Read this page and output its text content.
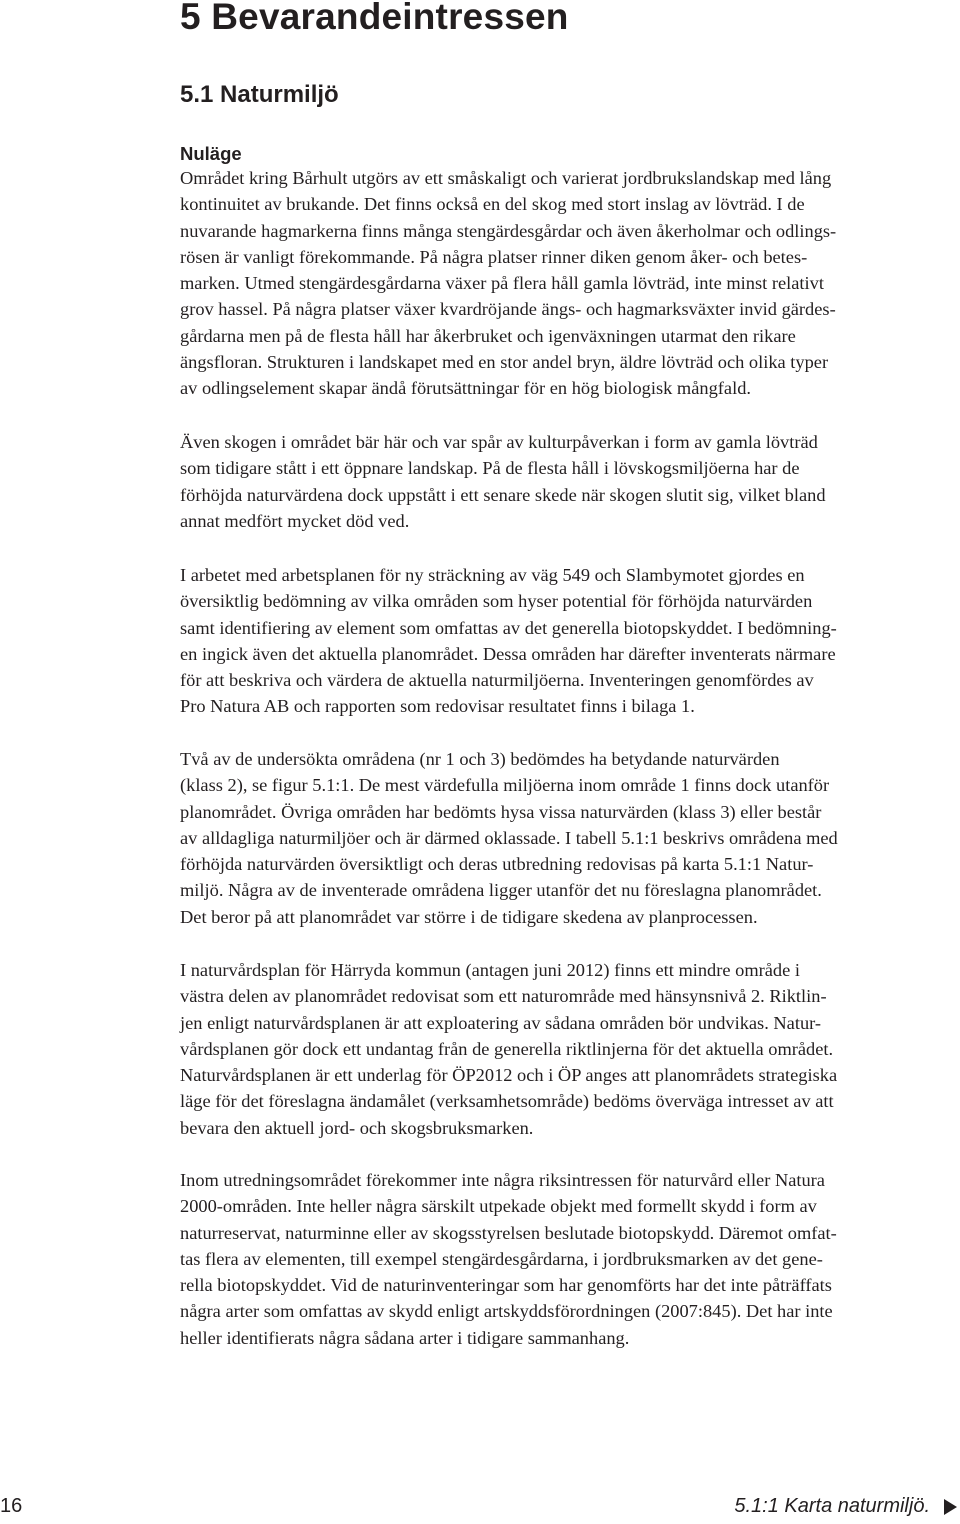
5 Bevarandeintressen
5.1 Naturmiljö
Nuläge
Området kring Bårhult utgörs av ett småskaligt och varierat jordbrukslandskap med lång
kontinuitet av brukande. Det finns också en del skog med stort inslag av lövträd. I de
nuvarande hagmarkerna finns många stengärdesgårdar och även åkerholmar och odlings-
rösen är vanligt förekommande. På några platser rinner diken genom åker- och betes-
marken. Utmed stengärdesgårdarna växer på flera håll gamla lövträd, inte minst relativt
grov hassel. På några platser växer kvardröjande ängs- och hagmarksväxter invid gärdes-
gårdarna men på de flesta håll har åkerbruket och igenväxningen utarmat den rikare
ängsfloran. Strukturen i landskapet med en stor andel bryn, äldre lövträd och olika typer
av odlingselement skapar ändå förutsättningar för en hög biologisk mångfald.
Även skogen i området bär här och var spår av kulturpåverkan i form av gamla lövträd
som tidigare stått i ett öppnare landskap. På de flesta håll i lövskogsmiljöerna har de
förhöjda naturvärdena dock uppstått i ett senare skede när skogen slutit sig, vilket bland
annat medfört mycket död ved.
I arbetet med arbetsplanen för ny sträckning av väg 549 och Slambymotet gjordes en
översiktlig bedömning av vilka områden som hyser potential för förhöjda naturvärden
samt identifiering av element som omfattas av det generella biotopskyddet. I bedömning-
en ingick även det aktuella planområdet. Dessa områden har därefter inventerats närmare
för att beskriva och värdera de aktuella naturmiljöerna. Inventeringen genomfördes av
Pro Natura AB och rapporten som redovisar resultatet finns i bilaga 1.
Två av de undersökta områdena (nr 1 och 3) bedömdes ha betydande naturvärden
(klass 2), se figur 5.1:1. De mest värdefulla miljöerna inom område 1 finns dock utanför
planområdet. Övriga områden har bedömts hysa vissa naturvärden (klass 3) eller består
av alldagliga naturmiljöer och är därmed oklassade. I tabell 5.1:1 beskrivs områdena med
förhöjda naturvärden översiktligt och deras utbredning redovisas på karta 5.1:1 Natur-
miljö. Några av de inventerade områdena ligger utanför det nu föreslagna planområdet.
Det beror på att planområdet var större i de tidigare skedena av planprocessen.
I naturvårdsplan för Härryda kommun (antagen juni 2012) finns ett mindre område i
västra delen av planområdet redovisat som ett naturområde med hänsynsnivå 2. Riktlin-
jen enligt naturvårdsplanen är att exploatering av sådana områden bör undvikas. Natur-
vårdsplanen gör dock ett undantag från de generella riktlinjerna för det aktuella området.
Naturvårdsplanen är ett underlag för ÖP2012 och i ÖP anges att planområdets strategiska
läge för det föreslagna ändamålet (verksamhetsområde) bedöms överväga intresset av att
bevara den aktuell jord- och skogsbruksmarken.
Inom utredningsområdet förekommer inte några riksintressen för naturvård eller Natura
2000-områden. Inte heller några särskilt utpekade objekt med formellt skydd i form av
naturreservat, naturminne eller av skogsstyrelsen beslutade biotopskydd. Däremot omfat-
tas flera av elementen, till exempel stengärdesgårdarna, i jordbruksmarken av det gene-
rella biotopskyddet. Vid de naturinventeringar som har genomförts har det inte påträffats
några arter som omfattas av skydd enligt artskyddsförordningen (2007:845). Det har inte
heller identifierats några sådana arter i tidigare sammanhang.
16	5.1:1 Karta naturmiljö.
